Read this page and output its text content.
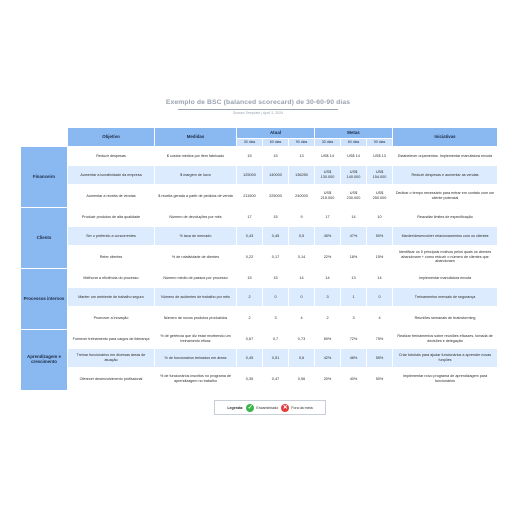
Exemplo de BSC (balanced scorecard) de 30-60-90 dias
Sussex Template | April 3, 2024
	Objetivo	Medidas	Atual			Metas			Iniciativas
			30 dias	60 dias	90 dias	30 dias	60 dias	90 dias	
Financeiro	Reduzir despesas	$ custos médios por item fabricado	15	15	13	US$ 14	US$ 14	US$ 13	Estabelecer orçamentos. Implementar manufatura enxuta
	Aumentar a lucratividade da empresa	$ margem de lucro	125000	140000	136250	US$ 130.000	US$ 140.000	US$ 154.000	Reduzir despesas e aumentar as vendas
	Aumentar a receita de vendas	$ receita gerada a partir de pedidos de venda	211500	225000	240000	US$ 215.000	US$ 230.000	US$ 250.000	Dedicar o tempo necessário para entrar em contato com um cliente potencial
Clients	Produzir produtos de alta qualidade	Número de devoluções por mês	17	15	9	17	14	10	Reavaliar limites de especificação
	Ser o preferido a concorrentes	% taxa de mercado	0,43	0,45	0,5	45%	47%	50%	Manter/desenvolver relacionamentos com os clientes
	Reter clientes	% de rotatividade de clientes	0,22	0,17	0,14	22%	18%	15%	Identificar os 5 principais motivos pelos quais os clientes abandonam + como reduzir o número de clientes que abandonam
Processos internos	Melhorar a eficiência do processo	Número médio de passos por processo	15	15	14	14	13	14	Implementar manufatura enxuta
	Manter um ambiente de trabalho seguro	Número de acidentes de trabalho por mês	2	0	0	3	1	0	Treinamentos mensais de segurança
	Promover a inovação	Número de novos produtos produzidos	2	3	4	2	3	4	Reuniões semanais de brainstorming
Aprendizagem e crescimento	Fornecer treinamento para cargos de liderança	% de gerência que diz estar recebendo um treinamento eficaz	0,67	0,7	0,73	69%	72%	75%	Realizar treinamentos sobre reuniões eficazes, tomada de decisões e delegação
	Treinar funcionários em diversas áreas de atuação	% de funcionários treinados em áreas	0,45	0,51	0,6	42%	48%	55%	Criar tutoriais para ajudar funcionários a aprender novas funções
	Oferecer desenvolvimento profissional	% de funcionários inscritos no programa de aprendizagem no trabalho	0,35	0,47	0,56	20%	40%	50%	Implementar novo programa de aprendizagem para funcionários
Legenda: ✓ Encaminhado ✕ Fora da meta
